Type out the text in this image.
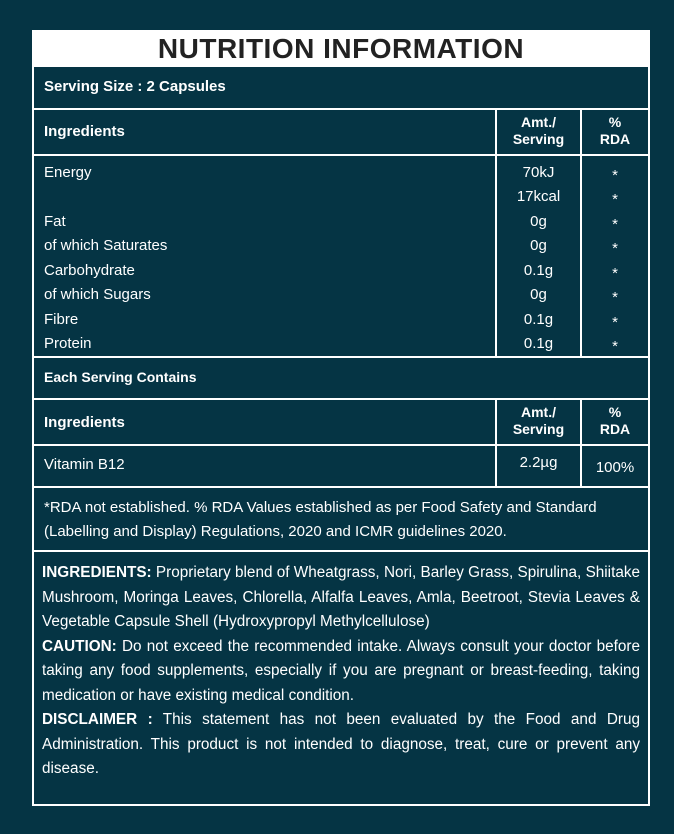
NUTRITION INFORMATION
Serving Size : 2 Capsules
Ingredients
Amt./
Serving
%
RDA
Energy
Fat
of which Saturates
Carbohydrate
of which Sugars
Fibre
Protein
70kJ
17kcal
0g
0g
0.1g
0g
0.1g
0.1g
*
*
*
*
*
*
*
*
Each Serving Contains
Ingredients
Amt./
Serving
%
RDA
Vitamin B12	2.2µg	100%
*RDA not established. % RDA Values established as per Food Safety and Standard (Labelling and Display) Regulations, 2020 and ICMR guidelines 2020.
INGREDIENTS: Proprietary blend of Wheatgrass, Nori, Barley Grass, Spirulina, Shiitake Mushroom, Moringa Leaves, Chlorella, Alfalfa Leaves, Amla, Beetroot, Stevia Leaves & Vegetable Capsule Shell (Hydroxypropyl Methylcellulose)
CAUTION: Do not exceed the recommended intake. Always consult your doctor before taking any food supplements, especially if you are pregnant or breast-feeding, taking medication or have existing medical condition.
DISCLAIMER : This statement has not been evaluated by the Food and Drug Administration. This product is not intended to diagnose, treat, cure or prevent any disease.
